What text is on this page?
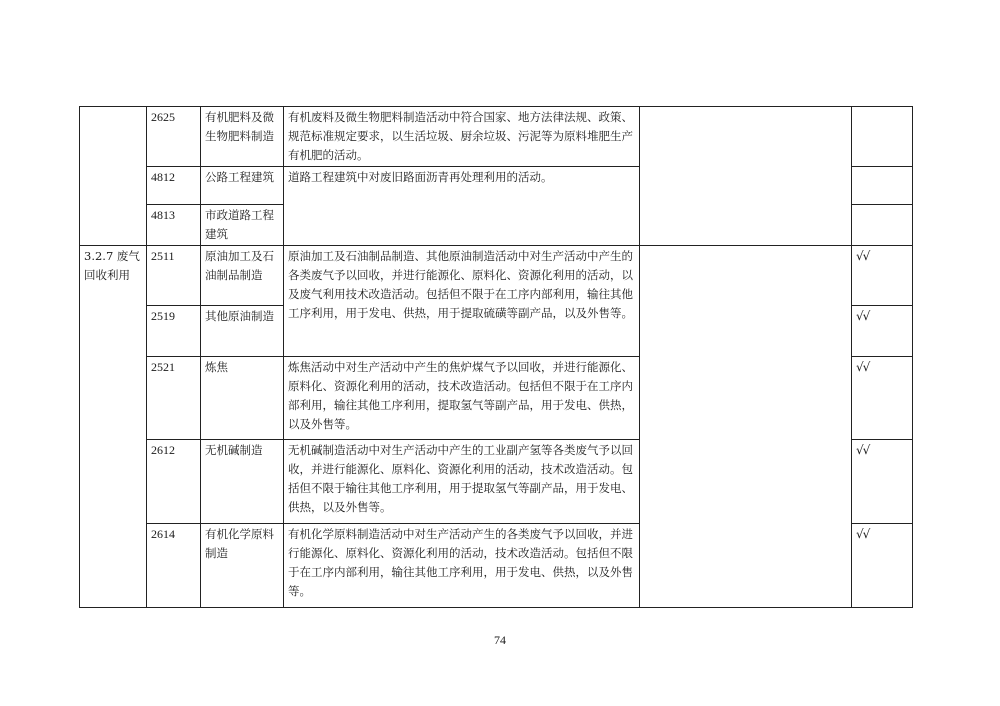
	2625	有机肥料及微生物肥料制造	有机废料及微生物肥料制造活动中符合国家、地方法律法规、政策、规范标准规定要求，以生活垃圾、厨余垃圾、污泥等为原料堆肥生产有机肥的活动。		
	4812	公路工程建筑	道路工程建筑中对废旧路面沥青再处理利用的活动。		
	4813	市政道路工程建筑			
3.2.7 废气回收利用	2511	原油加工及石油制品制造	原油加工及石油制品制造、其他原油制造活动中对生产活动中产生的各类废气予以回收，并进行能源化、原料化、资源化利用的活动，以及废气利用技术改造活动。包括但不限于在工序内部利用，输往其他工序利用，用于发电、供热，用于提取硫磺等副产品，以及外售等。		√√
	2519	其他原油制造			√√
	2521	炼焦	炼焦活动中对生产活动中产生的焦炉煤气予以回收，并进行能源化、原料化、资源化利用的活动，技术改造活动。包括但不限于在工序内部利用，输往其他工序利用，提取氢气等副产品，用于发电、供热，以及外售等。		√√
	2612	无机碱制造	无机碱制造活动中对生产活动中产生的工业副产氢等各类废气予以回收，并进行能源化、原料化、资源化利用的活动，技术改造活动。包括但不限于输往其他工序利用，用于提取氢气等副产品，用于发电、供热，以及外售等。		√√
	2614	有机化学原料制造	有机化学原料制造活动中对生产活动产生的各类废气予以回收，并进行能源化、原料化、资源化利用的活动，技术改造活动。包括但不限于在工序内部利用，输往其他工序利用，用于发电、供热，以及外售等。		√√
74
